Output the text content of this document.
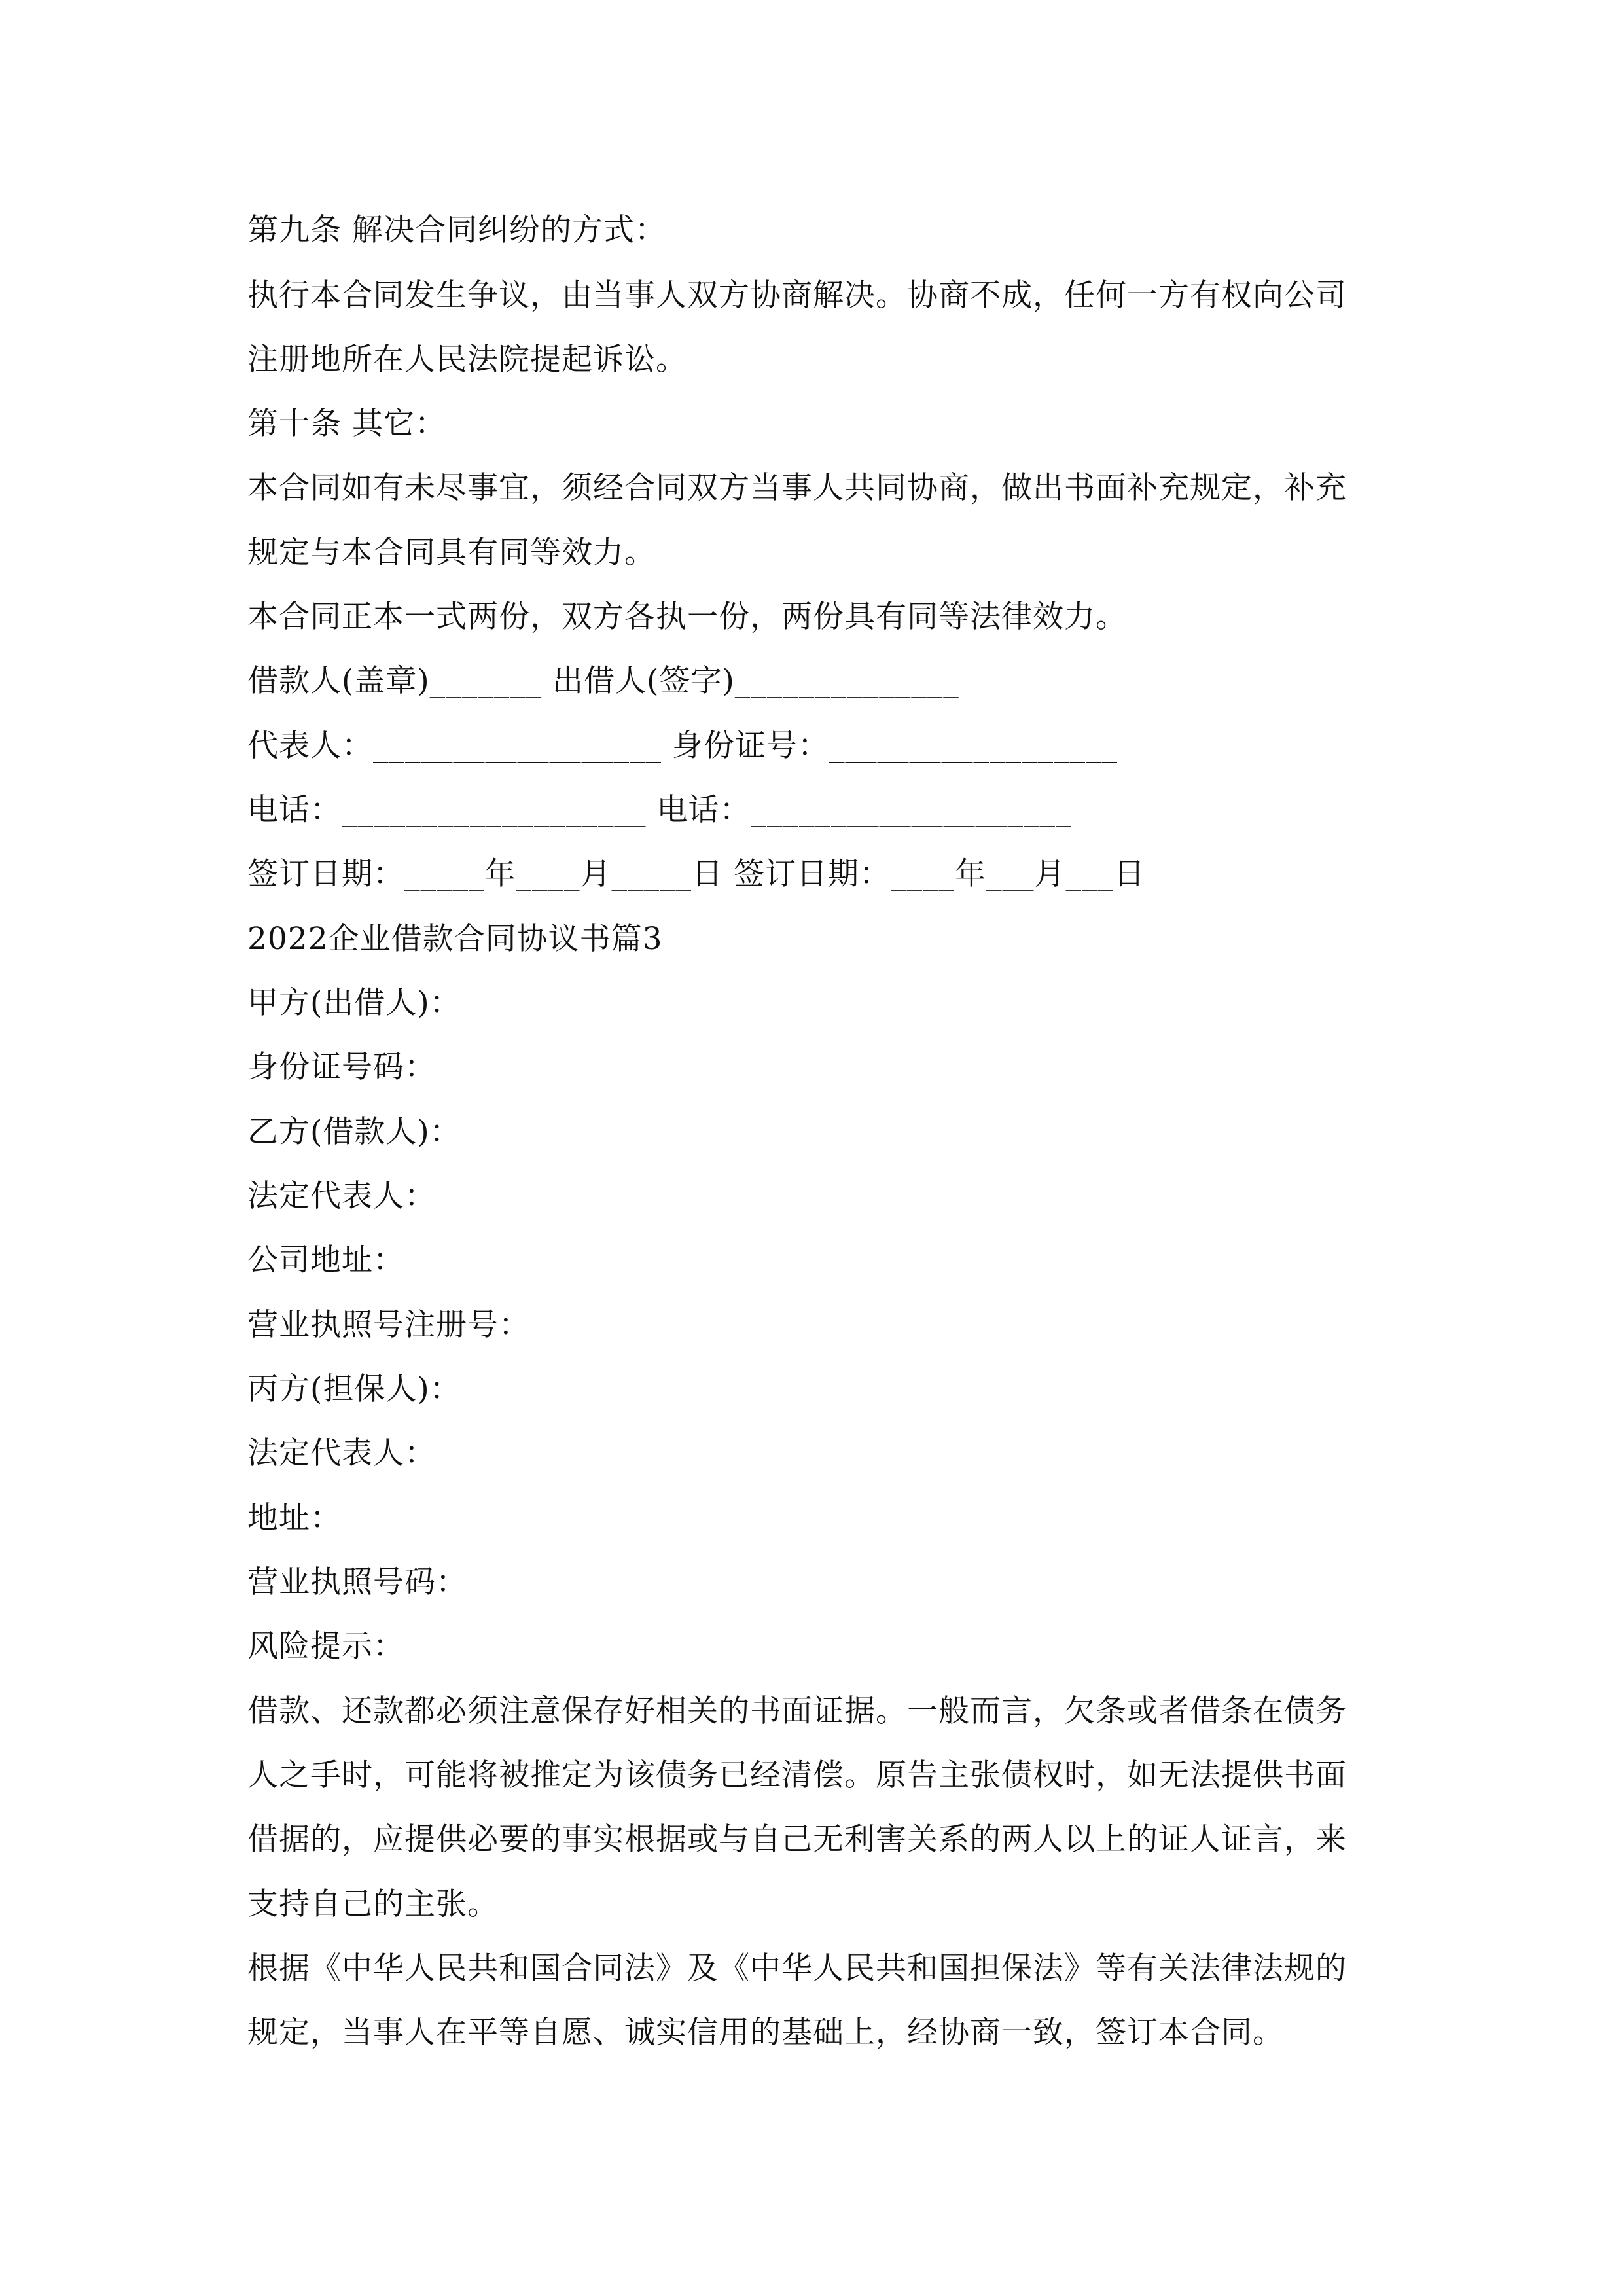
第九条 解决合同纠纷的方式：
执行本合同发生争议，由当事人双方协商解决。协商不成，任何一方有权向公司
注册地所在人民法院提起诉讼。
第十条 其它：
本合同如有未尽事宜，须经合同双方当事人共同协商，做出书面补充规定，补充
规定与本合同具有同等效力。
本合同正本一式两份，双方各执一份，两份具有同等法律效力。
借款人(盖章)_______ 出借人(签字)______________
代表人：__________________ 身份证号：__________________
电话：___________________ 电话：____________________
签订日期：_____年____月_____日 签订日期：____年___月___日
2022企业借款合同协议书篇3
甲方(出借人)：
身份证号码：
乙方(借款人)：
法定代表人：
公司地址：
营业执照号注册号：
丙方(担保人)：
法定代表人：
地址：
营业执照号码：
风险提示：
借款、还款都必须注意保存好相关的书面证据。一般而言，欠条或者借条在债务
人之手时，可能将被推定为该债务已经清偿。原告主张债权时，如无法提供书面
借据的，应提供必要的事实根据或与自己无利害关系的两人以上的证人证言，来
支持自己的主张。
根据《中华人民共和国合同法》及《中华人民共和国担保法》等有关法律法规的
规定，当事人在平等自愿、诚实信用的基础上，经协商一致，签订本合同。
